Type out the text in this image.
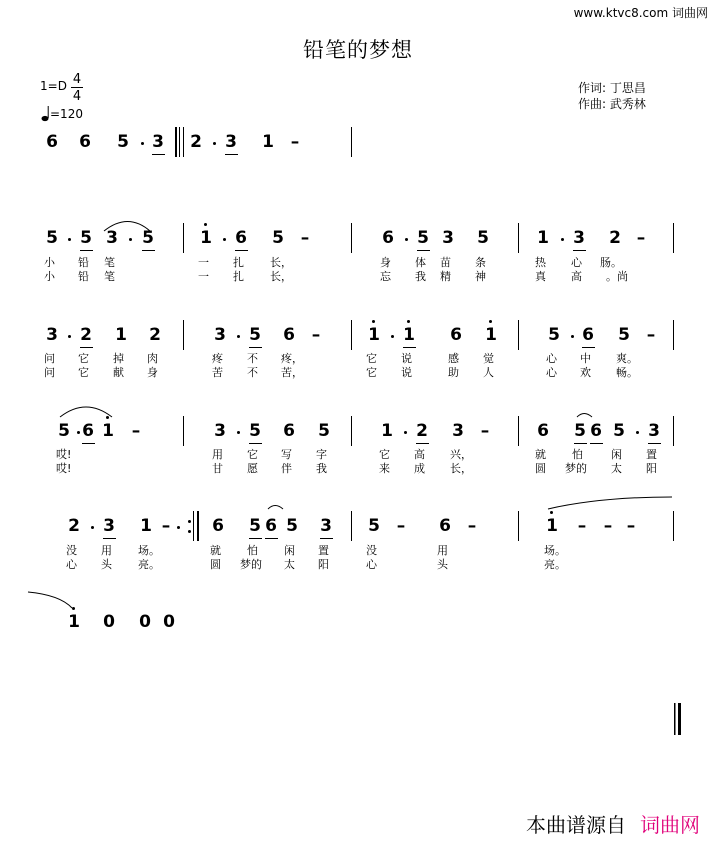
www.ktvc8.com 词曲网
铅笔的梦想
1=D 4
4
=120
作词: 丁思昌
作曲: 武秀林
6 6 5 3 2 3 1 –
5 5 3 5	1 6 5 –	6 5 3 5	1 3 2 –
3 2 1 2	3 5 6 –	1 1 6 1	5 6 5 –
5 6 1 –	3 5 6 5	1 2 3 –	6 5 6 5 3
2 3 1 – 6 5 6 5 3 5 – 6 –	1 – – –
1 0 0 0
小	铅	笔	一	扎	长，	身	体	苗	条	热	心	肠。
小	铅	笔	一	扎	长，	忘	我	精	神	真	高	。尚
问	它	掉	肉	疼	不	疼，	它	说	感	觉	心	中	爽。
问	它	献	身	苦	不	苦，	它	说	助	人	心	欢	畅。
哎!	用	它	写	字	它	高	兴，	就	怕	闲	置
哎!	甘	愿	伴	我	来	成	长，	圆	梦的	太	阳
没	用	场。	就	怕	闲	置	没	用	场。
心	头	亮。	圆	梦的	太	阳	心	头	亮。
本曲谱源自 词曲网
